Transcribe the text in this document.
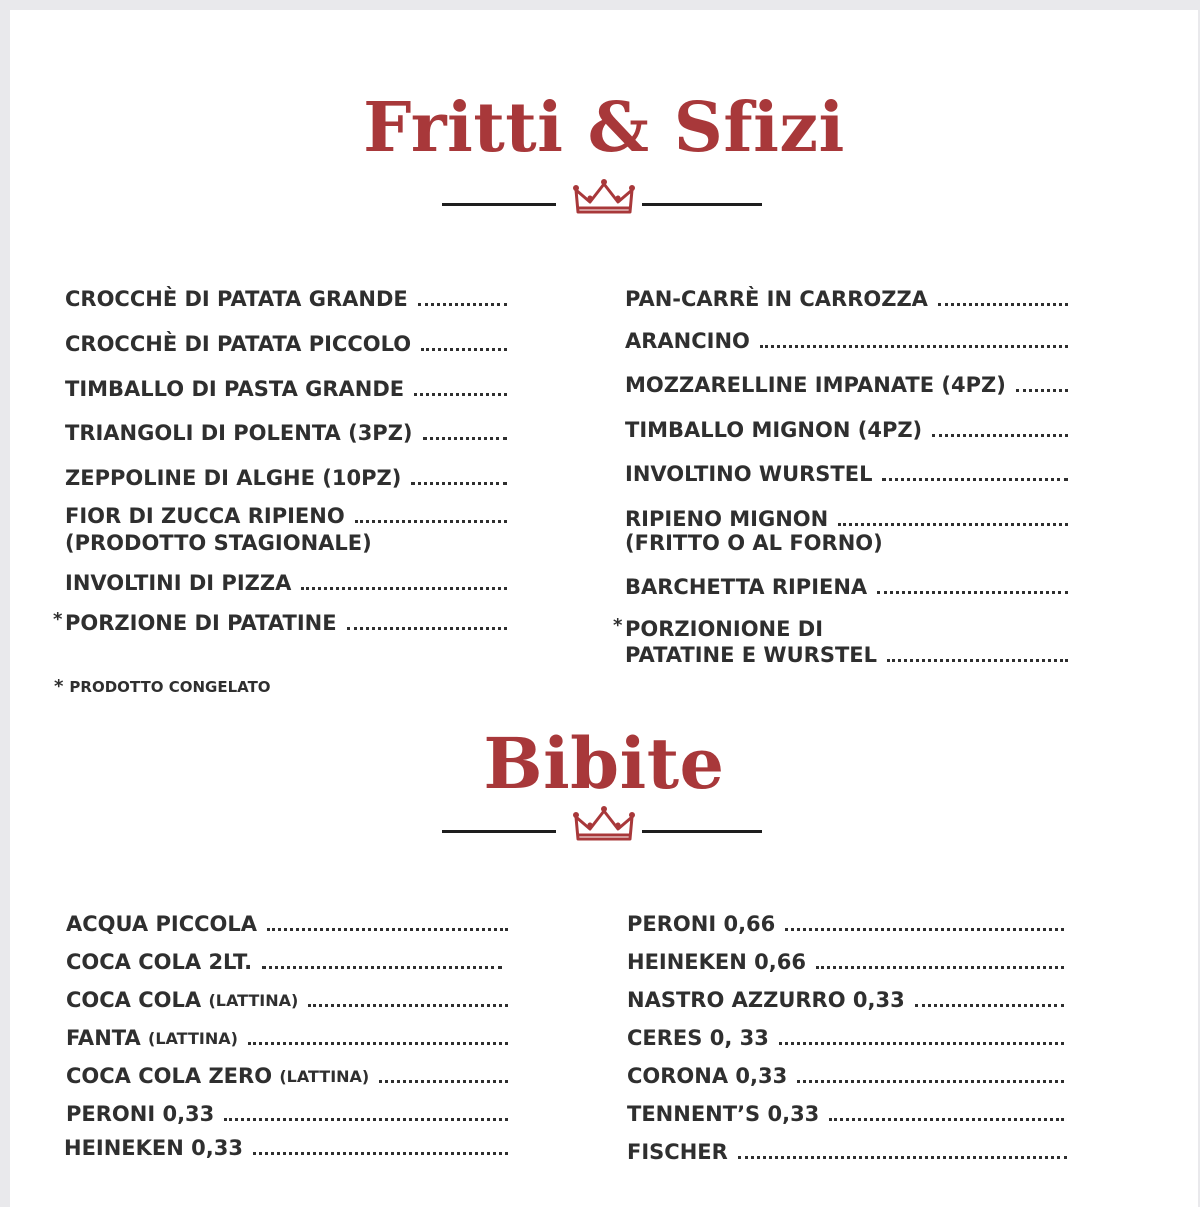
Fritti & Sfizi
CROCCHÈ DI PATATA GRANDE
CROCCHÈ DI PATATA PICCOLO
TIMBALLO DI PASTA GRANDE
TRIANGOLI DI POLENTA (3PZ)
ZEPPOLINE DI ALGHE (10PZ)
FIOR DI ZUCCA RIPIENO
(PRODOTTO STAGIONALE)
INVOLTINI DI PIZZA
* PORZIONE DI PATATINE
PAN-CARRÈ IN CARROZZA
ARANCINO
MOZZARELLINE IMPANATE (4PZ)
TIMBALLO MIGNON (4PZ)
INVOLTINO WURSTEL
RIPIENO MIGNON
(FRITTO O AL FORNO)
BARCHETTA RIPIENA
* PORZIONIONE DI
PATATINE E WURSTEL
* PRODOTTO CONGELATO
Bibite
ACQUA PICCOLA
COCA COLA 2LT.
COCA COLA (LATTINA)
FANTA (LATTINA)
COCA COLA ZERO (LATTINA)
PERONI 0,33
HEINEKEN 0,33
PERONI 0,66
HEINEKEN 0,66
NASTRO AZZURRO 0,33
CERES 0, 33
CORONA 0,33
TENNENT’S 0,33
FISCHER
